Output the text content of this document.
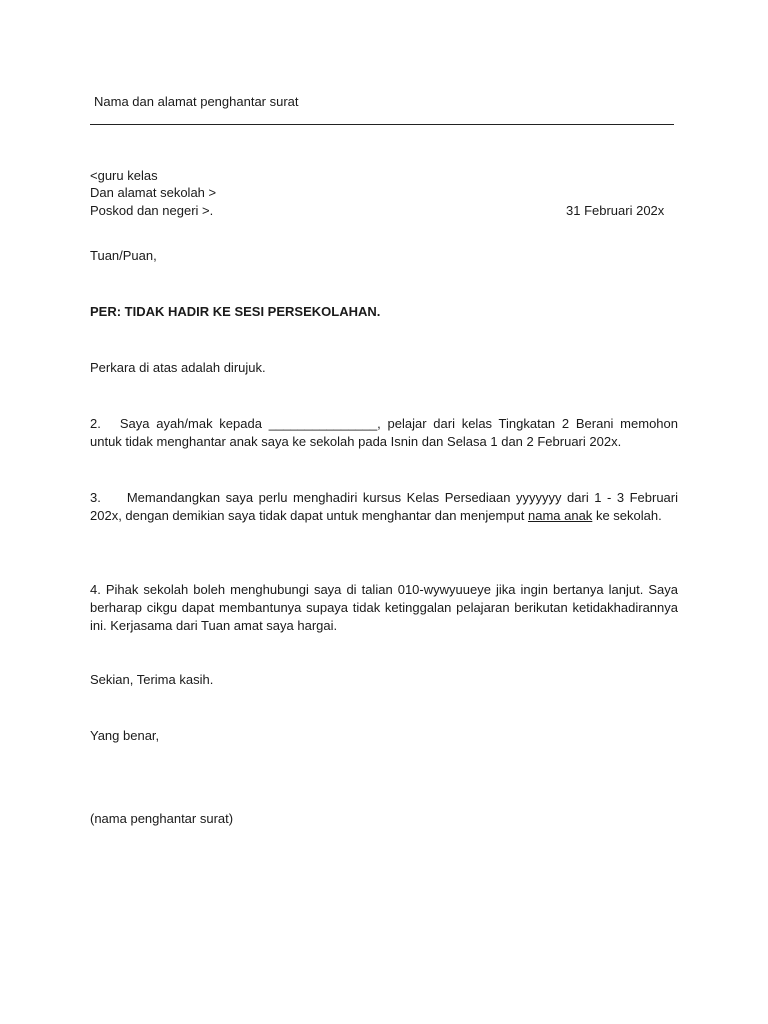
Nama dan alamat penghantar surat
<guru kelas
Dan alamat sekolah >
Poskod dan negeri >.	31 Februari 202x
Tuan/Puan,
PER: TIDAK HADIR KE SESI PERSEKOLAHAN.
Perkara di atas adalah dirujuk.
2. Saya ayah/mak kepada _______________, pelajar dari kelas Tingkatan 2 Berani memohon untuk tidak menghantar anak saya ke sekolah pada Isnin dan Selasa 1 dan 2 Februari 202x.
3. Memandangkan saya perlu menghadiri kursus Kelas Persediaan yyyyyyy dari 1 - 3 Februari 202x, dengan demikian saya tidak dapat untuk menghantar dan menjemput nama anak ke sekolah.
4. Pihak sekolah boleh menghubungi saya di talian 010-wywyuueye jika ingin bertanya lanjut. Saya berharap cikgu dapat membantunya supaya tidak ketinggalan pelajaran berikutan ketidakhadirannya ini. Kerjasama dari Tuan amat saya hargai.
Sekian, Terima kasih.
Yang benar,
(nama penghantar surat)
